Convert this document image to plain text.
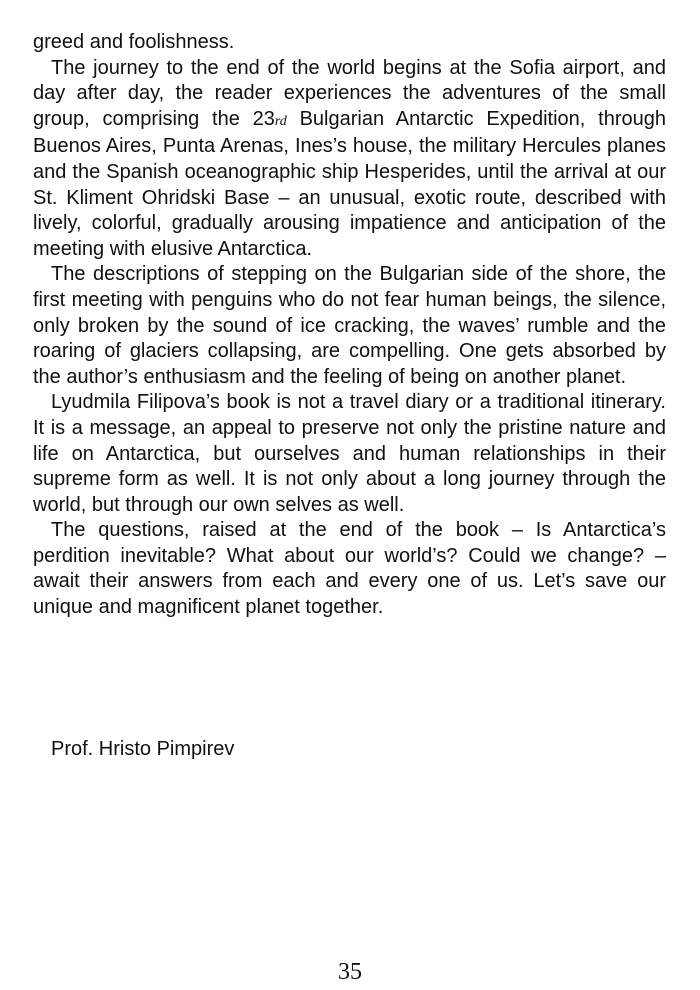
greed and foolishness.

The journey to the end of the world begins at the Sofia airport, and day after day, the reader experiences the adventures of the small group, comprising the 23rd Bulgarian Antarctic Expedition, through Buenos Aires, Punta Arenas, Ines’s house, the military Hercules planes and the Spanish oceanographic ship Hesperides, until the arrival at our St. Kliment Ohridski Base – an unusual, exotic route, described with lively, colorful, gradually arousing impatience and anticipation of the meeting with elusive Antarctica.

The descriptions of stepping on the Bulgarian side of the shore, the first meeting with penguins who do not fear human beings, the silence, only broken by the sound of ice cracking, the waves’ rumble and the roaring of glaciers collapsing, are compelling. One gets absorbed by the author’s enthusiasm and the feeling of being on another planet.

Lyudmila Filipova’s book is not a travel diary or a traditional itinerary. It is a message, an appeal to preserve not only the pristine nature and life on Antarctica, but ourselves and human relationships in their supreme form as well. It is not only about a long journey through the world, but through our own selves as well.

The questions, raised at the end of the book – Is Antarctica’s perdition inevitable? What about our world’s? Could we change? – await their answers from each and every one of us. Let’s save our unique and magnificent planet together.

Prof. Hristo Pimpirev
35
